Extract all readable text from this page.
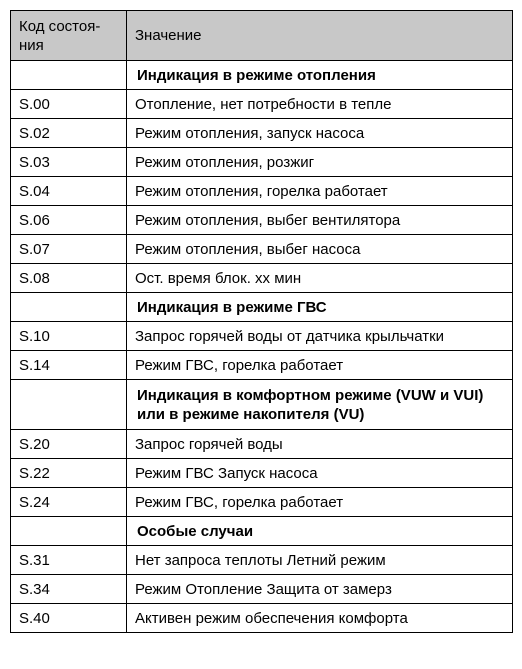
Код состоя-
ния	Значение
	Индикация в режиме отопления
S.00	Отопление, нет потребности в тепле
S.02	Режим отопления, запуск насоса
S.03	Режим отопления, розжиг
S.04	Режим отопления, горелка работает
S.06	Режим отопления, выбег вентилятора
S.07	Режим отопления, выбег насоса
S.08	Ост. время блок. хх мин
	Индикация в режиме ГВС
S.10	Запрос горячей воды от датчика крыльчатки
S.14	Режим ГВС, горелка работает
	Индикация в комфортном режиме (VUW и VUI) или в режиме накопителя (VU)
S.20	Запрос горячей воды
S.22	Режим ГВС Запуск насоса
S.24	Режим ГВС, горелка работает
	Особые случаи
S.31	Нет запроса теплоты Летний режим
S.34	Режим Отопление Защита от замерз
S.40	Активен режим обеспечения комфорта
